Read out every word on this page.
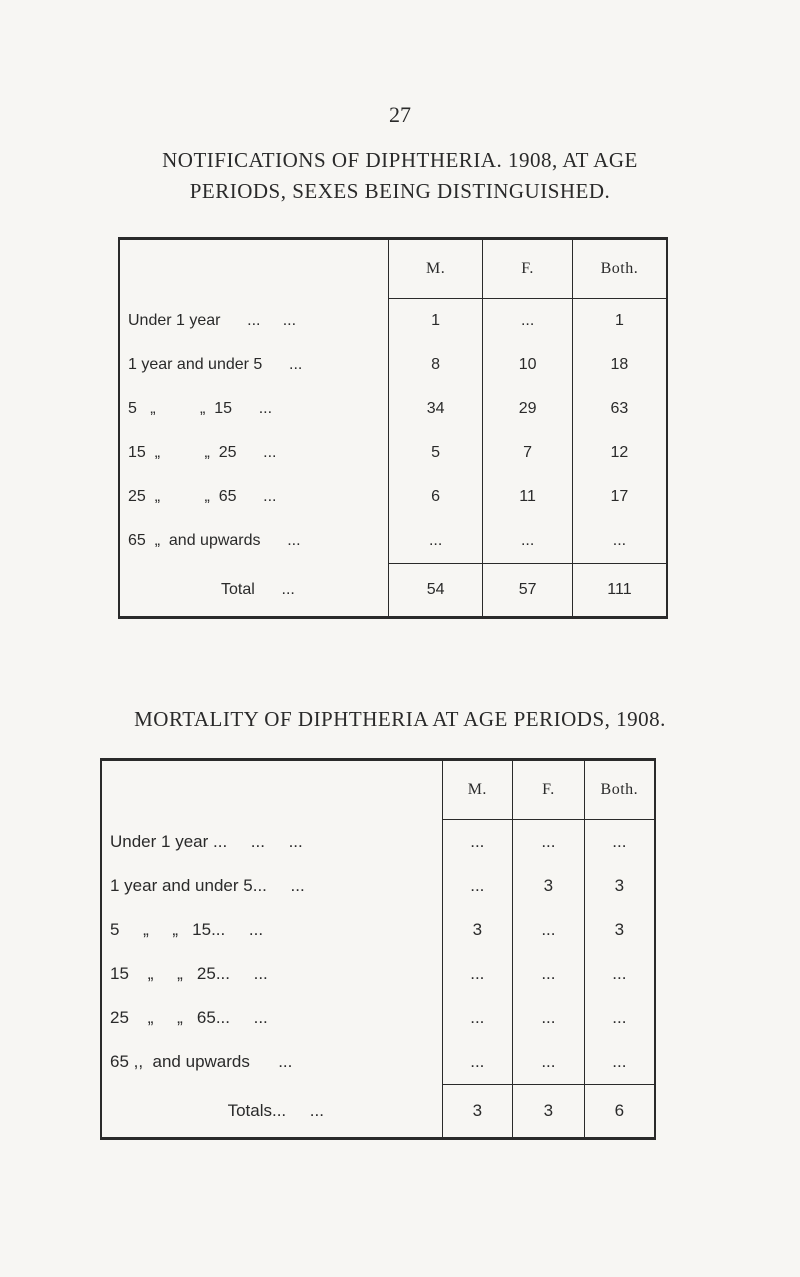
27
NOTIFICATIONS OF DIPHTHERIA. 1908, AT AGE
PERIODS, SEXES BEING DISTINGUISHED.
	M.	F.	Both.
Under 1 year      ...     ...	1	...	1
1 year and under 5      ...	8	10	18
5   „          „  15      ...	34	29	63
15  „          „  25      ...	5	7	12
25  „          „  65      ...	6	11	17
65  „  and upwards      ...	...	...	...
Total      ...	54	57	111
MORTALITY OF DIPHTHERIA AT AGE PERIODS, 1908.
	M.	F.	Both.
Under 1 year ...     ...     ...	...	...	...
1 year and under 5...     ...	...	3	3
5     „     „   15...     ...	3	...	3
15    „     „   25...     ...	...	...	...
25    „     „   65...     ...	...	...	...
65 ,,  and upwards      ...	...	...	...
Totals...     ...	3	3	6
